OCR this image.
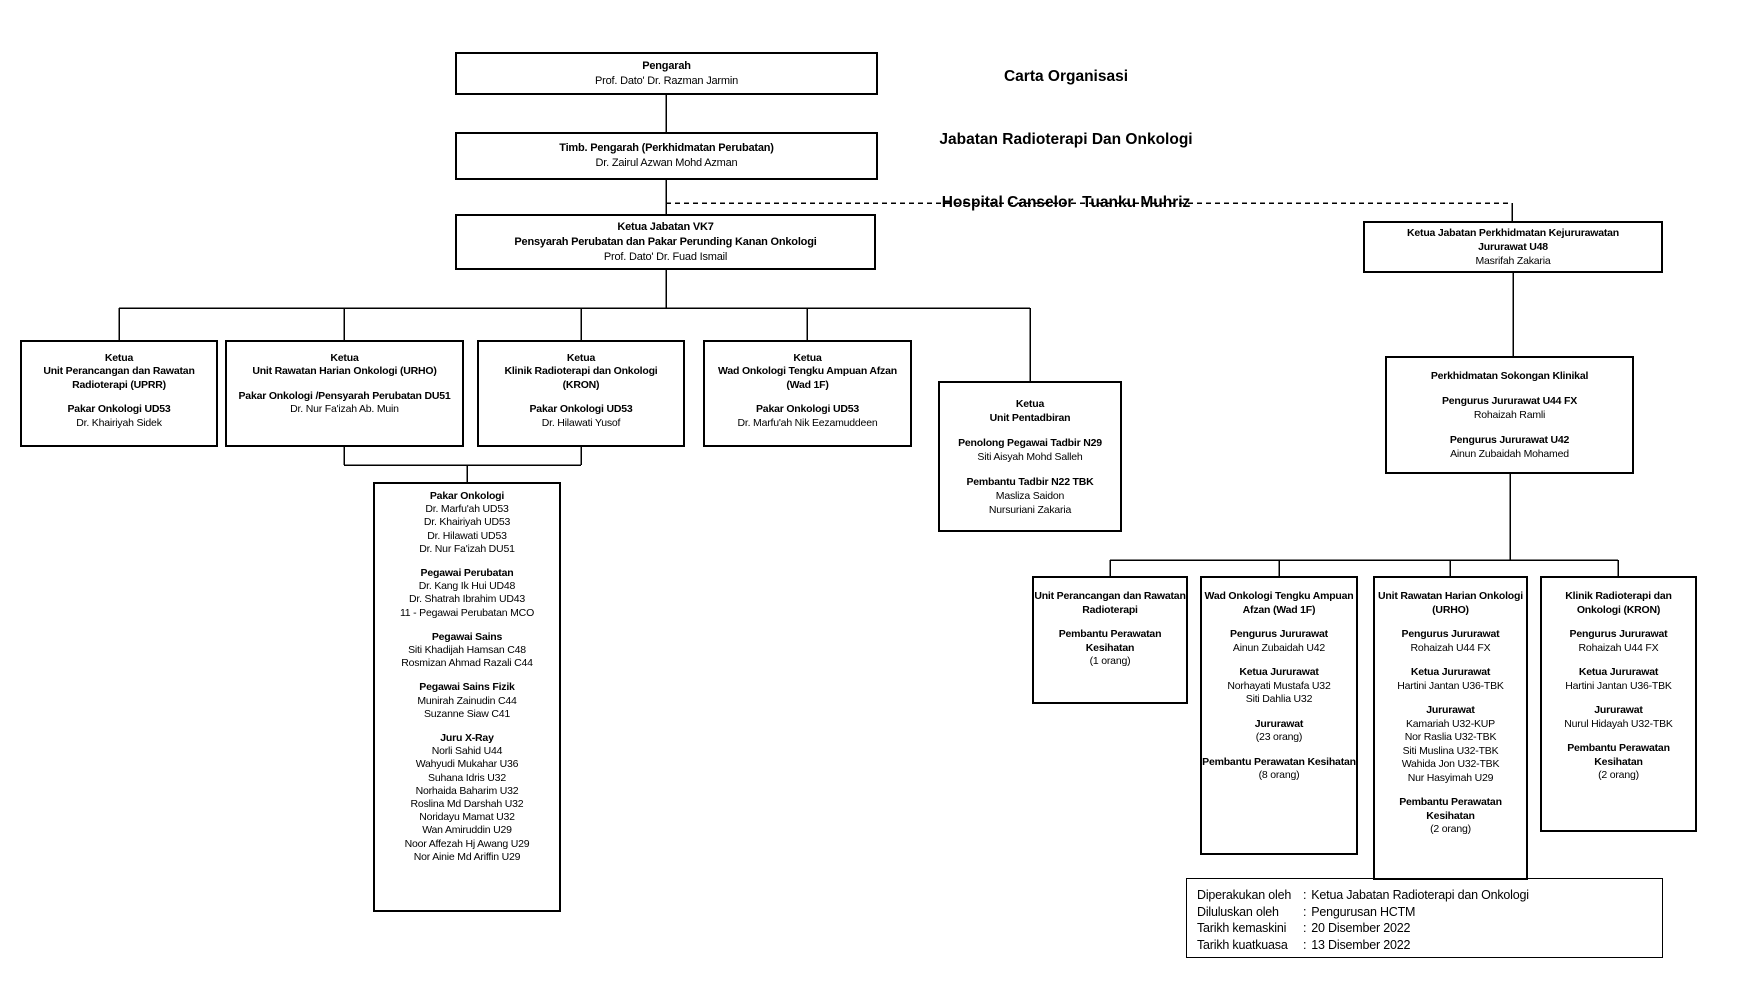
Carta Organisasi

Jabatan Radioterapi Dan Onkologi

Hospital Canselor  Tuanku Muhriz

Pengarah
Prof. Dato' Dr. Razman Jarmin
Timb. Pengarah (Perkhidmatan Perubatan)
Dr. Zairul Azwan Mohd Azman
Ketua Jabatan VK7
Pensyarah Perubatan dan Pakar Perunding Kanan Onkologi
Prof. Dato' Dr. Fuad Ismail
Ketua Jabatan Perkhidmatan Kejururawatan
Jururawat U48
Masrifah Zakaria
Ketua
Unit Perancangan dan Rawatan Radioterapi (UPRR)
Pakar Onkologi UD53
Dr. Khairiyah Sidek
Ketua
Unit Rawatan Harian Onkologi (URHO)
Pakar Onkologi /Pensyarah Perubatan DU51
Dr. Nur Fa'izah Ab. Muin
Ketua
Klinik Radioterapi dan Onkologi
(KRON)
Pakar Onkologi UD53
Dr. Hilawati Yusof
Ketua
Wad Onkologi Tengku Ampuan Afzan
(Wad 1F)
Pakar Onkologi UD53
Dr. Marfu'ah Nik Eezamuddeen
Ketua
Unit Pentadbiran
Penolong Pegawai Tadbir N29
Siti Aisyah Mohd Salleh
Pembantu Tadbir N22 TBK
Masliza Saidon
Nursuriani Zakaria
Perkhidmatan Sokongan Klinikal
Pengurus Jururawat U44 FX
Rohaizah Ramli
Pengurus Jururawat U42
Ainun Zubaidah Mohamed
Pakar Onkologi
Dr. Marfu'ah UD53
Dr. Khairiyah UD53
Dr. Hilawati UD53
Dr. Nur Fa'izah DU51
Pegawai Perubatan
Dr. Kang Ik Hui UD48
Dr. Shatrah Ibrahim UD43
11 - Pegawai Perubatan MCO
Pegawai Sains
Siti Khadijah Hamsan C48
Rosmizan Ahmad Razali C44
Pegawai Sains Fizik
Munirah Zainudin C44
Suzanne Siaw C41
Juru X-Ray
Norli Sahid U44
Wahyudi Mukahar U36
Suhana Idris U32
Norhaida Baharim U32
Roslina Md Darshah U32
Noridayu Mamat U32
Wan Amiruddin U29
Noor Affezah Hj Awang U29
Nor Ainie Md Ariffin U29
Unit Perancangan dan Rawatan Radioterapi
Pembantu Perawatan Kesihatan
(1 orang)
Wad Onkologi Tengku Ampuan Afzan (Wad 1F)
Pengurus Jururawat
Ainun Zubaidah U42
Ketua Jururawat
Norhayati Mustafa U32
Siti Dahlia U32
Jururawat
(23 orang)
Pembantu Perawatan Kesihatan
(8 orang)
Unit Rawatan Harian Onkologi (URHO)
Pengurus Jururawat
Rohaizah U44 FX
Ketua Jururawat
Hartini Jantan U36-TBK
Jururawat
Kamariah U32-KUP
Nor Raslia U32-TBK
Siti Muslina U32-TBK
Wahida Jon U32-TBK
Nur Hasyimah U29
Pembantu Perawatan Kesihatan
(2 orang)
Klinik Radioterapi dan Onkologi (KRON)
Pengurus Jururawat
Rohaizah U44 FX
Ketua Jururawat
Hartini Jantan U36-TBK
Jururawat
Nurul Hidayah U32-TBK
Pembantu Perawatan Kesihatan
(2 orang)
Diperakukan oleh : Ketua Jabatan Radioterapi dan Onkologi
Diluluskan oleh	: Pengurusan HCTM
Tarikh kemaskini	: 20 Disember 2022
Tarikh kuatkuasa	: 13 Disember 2022
